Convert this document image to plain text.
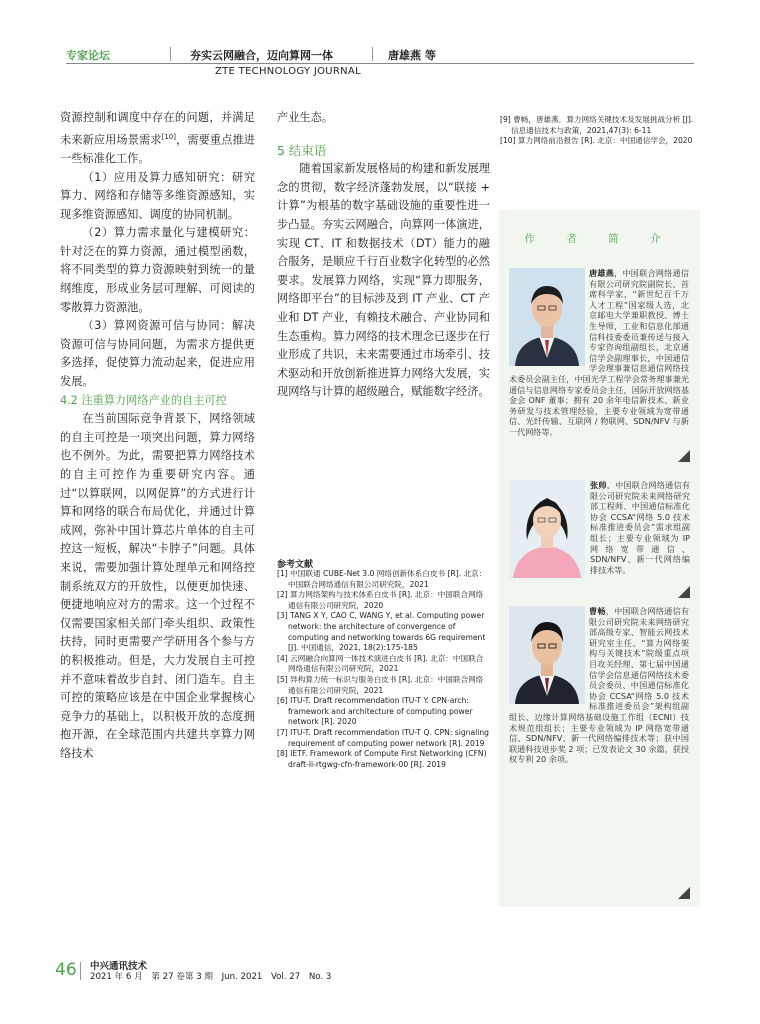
专家论坛	夯实云网融合，迈向算网一体	唐雄燕 等
ZTE TECHNOLOGY JOURNAL

资源控制和调度中存在的问题，并满足未来新应用场景需求[10]，需要重点推进一些标准化工作。

（1）应用及算力感知研究：研究算力、网络和存储等多维资源感知，实现多维资源感知、调度的协同机制。

（2）算力需求量化与建模研究：针对泛在的算力资源，通过模型函数，将不同类型的算力资源映射到统一的量纲维度，形成业务层可理解、可阅读的零散算力资源池。

（3）算网资源可信与协同：解决资源可信与协同问题，为需求方提供更多选择，促使算力流动起来，促进应用发展。

4.2 注重算力网络产业的自主可控

在当前国际竞争背景下，网络领域的自主可控是一项突出问题，算力网络也不例外。为此，需要把算力网络技术的自主可控作为重要研究内容。通过“以算联网，以网促算”的方式进行计算和网络的联合布局优化，并通过计算成网，弥补中国计算芯片单体的自主可控这一短板，解决“卡脖子”问题。具体来说，需要加强计算处理单元和网络控制系统双方的开放性，以便更加快速、便捷地响应对方的需求。这一个过程不仅需要国家相关部门牵头组织、政策性扶持，同时更需要产学研用各个参与方的积极推动。但是，大力发展自主可控并不意味着故步自封、闭门造车。自主可控的策略应该是在中国企业掌握核心竞争力的基础上，以积极开放的态度拥抱开源，在全球范围内共建共享算力网络技术

产业生态。

5 结束语

随着国家新发展格局的构建和新发展理念的贯彻，数字经济蓬勃发展，以“联接 + 计算”为根基的数字基础设施的重要性进一步凸显。夯实云网融合，向算网一体演进，实现 CT、IT 和数据技术（DT）能力的融合服务，是顺应千行百业数字化转型的必然要求。发展算力网络，实现“算力即服务，网络即平台”的目标涉及到 IT 产业、CT 产业和 DT 产业，有赖技术融合、产业协同和生态重构。算力网络的技术理念已逐步在行业形成了共识，未来需要通过市场牵引、技术驱动和开放创新推进算力网络大发展，实现网络与计算的超级融合，赋能数字经济。

参考文献

[1] 中国联通 CUBE-Net 3.0 网络创新体系白皮书 [R]. 北京：中国联合网络通信有限公司研究院，2021

[2] 算力网络架构与技术体系白皮书 [R]. 北京：中国联合网络通信有限公司研究院，2020

[3] TANG X Y, CAO C, WANG Y, et al. Computing power network: the architecture of convergence of computing and networking towards 6G requirement [J]. 中国通信，2021, 18(2):175-185

[4] 云网融合向算网一体技术演进白皮书 [R]. 北京：中国联合网络通信有限公司研究院，2021

[5] 异构算力统一标识与服务白皮书 [R]. 北京：中国联合网络通信有限公司研究院，2021

[6] ITU-T. Draft recommendation ITU-T Y. CPN-arch: framework and architecture of computing power network [R]. 2020

[7] ITU-T. Draft recommendation ITU-T Q. CPN: signaling requirement of computing power network [R]. 2019

[8] IETF. Framework of Compute First Networking (CFN) draft-li-rtgwg-cfn-framework-00 [R]. 2019

[9] 曹畅，唐雄燕．算力网络关键技术及发展挑战分析 [J]. 信息通信技术与政策，2021,47(3): 6-11

[10] 算力网络前沿报告 [R]. 北京：中国通信学会，2020

作 者 简 介
唐雄燕，中国联合网络通信有限公司研究院副院长、首席科学家，“新世纪百千万人才工程”国家级人选，北京邮电大学兼职教授、博士生导师，工业和信息化部通信科技委委员兼传送与接入专家咨询组副组长，北京通信学会副理事长，中国通信学会理事兼信息通信网络技术委员会副主任，中国光学工程学会常务理事兼光通信与信息网络专家委员会主任，国际开放网络基金会 ONF 董事；拥有 20 余年电信新技术、新业务研发与技术管理经验，主要专业领域为宽带通信、光纤传输、互联网 / 物联网、SDN/NFV 与新一代网络等。
张帅，中国联合网络通信有限公司研究院未来网络研究部工程师、中国通信标准化协会 CCSA“网络 5.0 技术标准推进委员会”需求组副组长；主要专业领域为 IP 网络宽带通信、SDN/NFV、新一代网络编排技术等。
曹畅，中国联合网络通信有限公司研究院未来网络研究部高级专家、智能云网技术研究室主任、“算力网络架构与关键技术”院级重点项目攻关经理、第七届中国通信学会信息通信网络技术委员会委员、中国通信标准化协会 CCSA“网络 5.0 技术标准推进委员会”架构组副组长、边缘计算网络基础设施工作组（ECNI）技术规范组组长；主要专业领域为 IP 网络宽带通信、SDN/NFV、新一代网络编排技术等；获中国联通科技进步奖 2 项；已发表论文 30 余篇，获授权专利 20 余项。
46 中兴通讯技术
2021 年 6 月　第 27 卷第 3 期　Jun. 2021　Vol. 27　No. 3
